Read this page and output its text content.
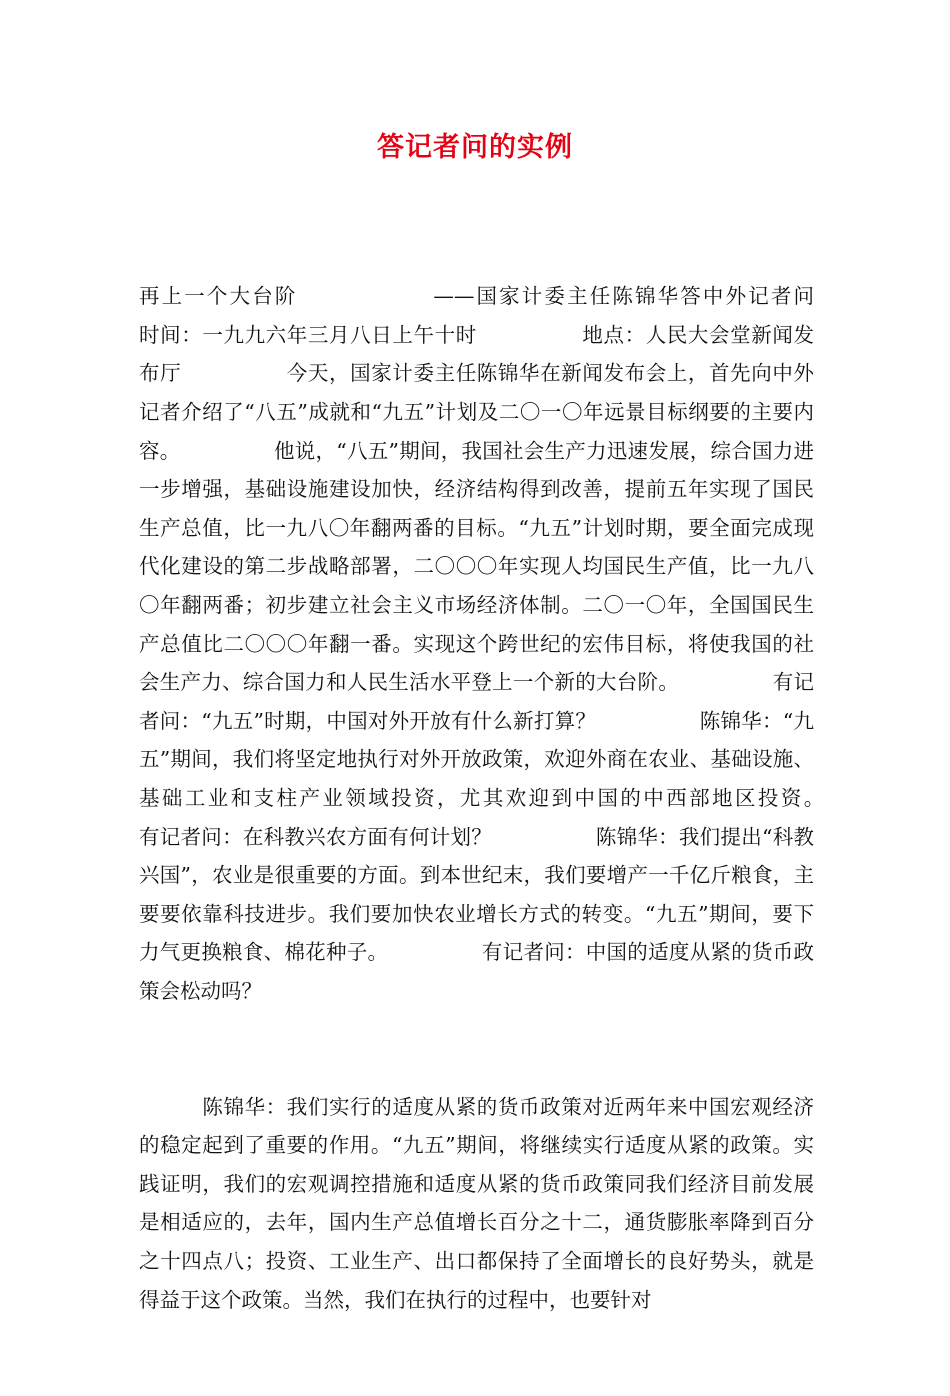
答记者问的实例

再上一个大台阶　　　　　　——国家计委主任陈锦华答中外记者问　　时间：一九九六年三月八日上午十时　　　　　地点：人民大会堂新闻发布厅　　　　　今天，国家计委主任陈锦华在新闻发布会上，首先向中外记者介绍了“八五”成就和“九五”计划及二〇一〇年远景目标纲要的主要内容。　　　　　他说，“八五”期间，我国社会生产力迅速发展，综合国力进一步增强，基础设施建设加快，经济结构得到改善，提前五年实现了国民生产总值，比一九八〇年翻两番的目标。“九五”计划时期，要全面完成现代化建设的第二步战略部署，二〇〇〇年实现人均国民生产值，比一九八〇年翻两番；初步建立社会主义市场经济体制。二〇一〇年，全国国民生产总值比二〇〇〇年翻一番。实现这个跨世纪的宏伟目标，将使我国的社会生产力、综合国力和人民生活水平登上一个新的大台阶。　　　　　有记者问：“九五”时期，中国对外开放有什么新打算？　　　　　陈锦华：“九五”期间，我们将坚定地执行对外开放政策，欢迎外商在农业、基础设施、基础工业和支柱产业领域投资，尤其欢迎到中国的中西部地区投资。　　　　　有记者问：在科教兴农方面有何计划？　　　　　陈锦华：我们提出“科教兴国”，农业是很重要的方面。到本世纪末，我们要增产一千亿斤粮食，主要要依靠科技进步。我们要加快农业增长方式的转变。“九五”期间，要下力气更换粮食、棉花种子。　　　　　有记者问：中国的适度从紧的货币政策会松动吗？

　　　陈锦华：我们实行的适度从紧的货币政策对近两年来中国宏观经济的稳定起到了重要的作用。“九五”期间，将继续实行适度从紧的政策。实践证明，我们的宏观调控措施和适度从紧的货币政策同我们经济目前发展是相适应的，去年，国内生产总值增长百分之十二，通货膨胀率降到百分之十四点八；投资、工业生产、出口都保持了全面增长的良好势头，就是得益于这个政策。当然，我们在执行的过程中，也要针对
